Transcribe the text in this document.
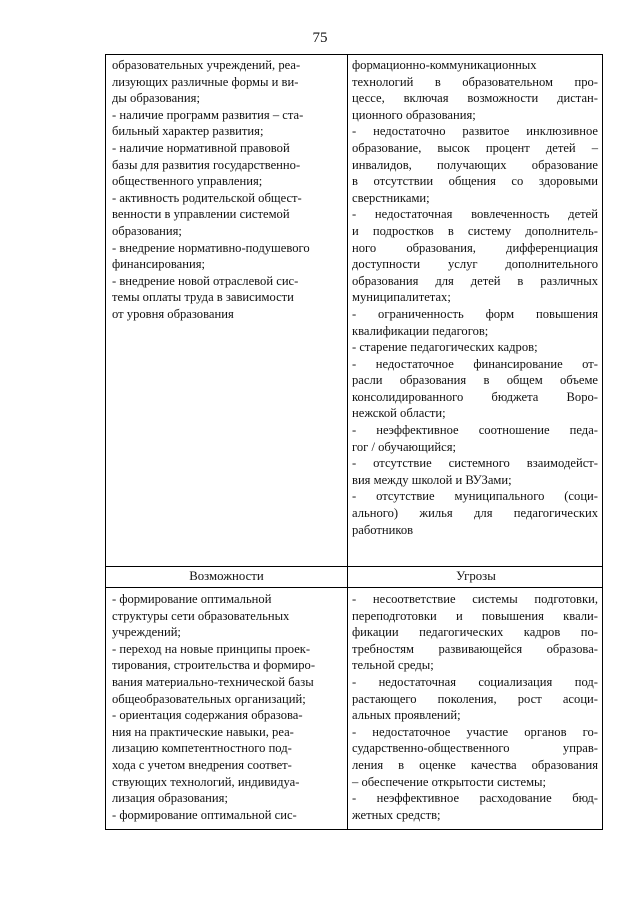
75
образовательных учреждений, реа-
лизующих различные формы и ви-
ды образования;
- наличие программ развития – ста-
бильный характер развития;
- наличие нормативной правовой
базы для развития государственно-
общественного управления;
- активность родительской общест-
венности в управлении системой
образования;
- внедрение нормативно-подушевого
финансирования;
- внедрение новой отраслевой сис-
темы оплаты труда в зависимости
от уровня образования
формационно-коммуникационных
технологий в образовательном про-
цессе, включая возможности дистан-
ционного образования;
- недостаточно развитое инклюзивное
образование, высок процент детей –
инвалидов, получающих образование
в отсутствии общения со здоровыми
сверстниками;
- недостаточная вовлеченность детей
и подростков в систему дополнитель-
ного образования, дифференциация
доступности услуг дополнительного
образования для детей в различных
муниципалитетах;
- ограниченность форм повышения
квалификации педагогов;
- старение педагогических кадров;
- недостаточное финансирование от-
расли образования в общем объеме
консолидированного бюджета Воро-
нежской области;
- неэффективное соотношение педа-
гог / обучающийся;
- отсутствие системного взаимодейст-
вия между школой и ВУЗами;
- отсутствие муниципального (соци-
ального) жилья для педагогических
работников
Возможности	Угрозы
- формирование оптимальной
структуры сети образовательных
учреждений;
- переход на новые принципы проек-
тирования, строительства и формиро-
вания материально-технической базы
общеобразовательных организаций;
- ориентация содержания образова-
ния на практические навыки, реа-
лизацию компетентностного под-
хода с учетом внедрения соответ-
ствующих технологий, индивидуа-
лизация образования;
- формирование оптимальной сис-
- несоответствие системы подготовки,
переподготовки и повышения квали-
фикации педагогических кадров по-
требностям развивающейся образова-
тельной среды;
- недостаточная социализация под-
растающего поколения, рост асоци-
альных проявлений;
- недостаточное участие органов го-
сударственно-общественного управ-
ления в оценке качества образования
– обеспечение открытости системы;
- неэффективное расходование бюд-
жетных средств;
